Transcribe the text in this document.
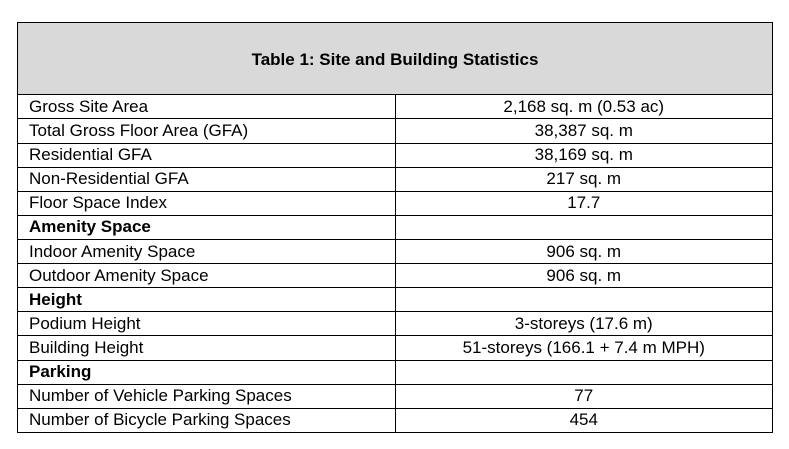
Table 1: Site and Building Statistics	
Gross Site Area	2,168 sq. m (0.53 ac)
Total Gross Floor Area (GFA)	38,387 sq. m
Residential GFA	38,169 sq. m
Non-Residential GFA	217 sq. m
Floor Space Index	17.7
Amenity Space	
Indoor Amenity Space	906 sq. m
Outdoor Amenity Space	906 sq. m
Height	
Podium Height	3-storeys (17.6 m)
Building Height	51-storeys (166.1 + 7.4 m MPH)
Parking	
Number of Vehicle Parking Spaces	77
Number of Bicycle Parking Spaces	454
